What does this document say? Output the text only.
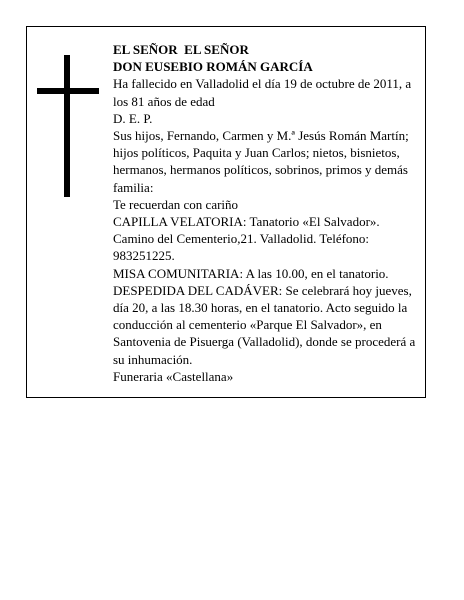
EL SEÑOR  EL SEÑOR

DON EUSEBIO ROMÁN GARCÍA

Ha fallecido en Valladolid el día 19 de octubre de 2011, a los 81 años de edad

D. E. P.

Sus hijos, Fernando, Carmen y M.ª Jesús Román Martín; hijos políticos, Paquita y Juan Carlos; nietos, bisnietos, hermanos, hermanos políticos, sobrinos, primos y demás familia:

Te recuerdan con cariño

CAPILLA VELATORIA: Tanatorio «El Salvador». Camino del Cementerio,21. Valladolid. Teléfono: 983251225.

MISA COMUNITARIA: A las 10.00, en el tanatorio.

DESPEDIDA DEL CADÁVER: Se celebrará hoy jueves, día 20, a las 18.30 horas, en el tanatorio. Acto seguido la conducción al cementerio «Parque El Salvador», en Santovenia de Pisuerga (Valladolid), donde se procederá a su inhumación.

Funeraria «Castellana»
